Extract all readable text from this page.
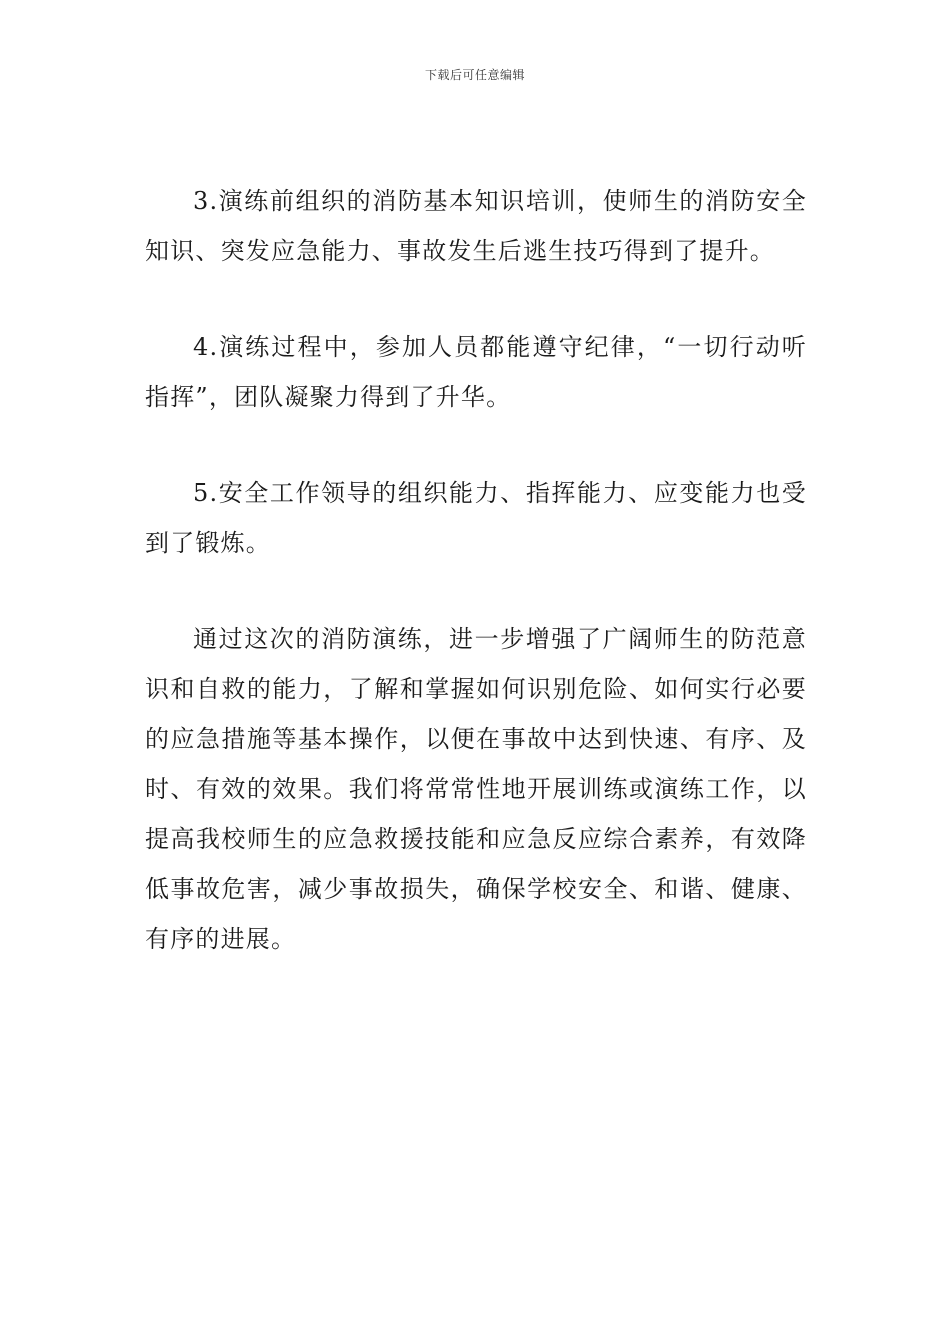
下载后可任意编辑

3.演练前组织的消防基本知识培训，使师生的消防安全知识、突发应急能力、事故发生后逃生技巧得到了提升。

4.演练过程中，参加人员都能遵守纪律，“一切行动听指挥”，团队凝聚力得到了升华。

5.安全工作领导的组织能力、指挥能力、应变能力也受到了锻炼。

通过这次的消防演练，进一步增强了广阔师生的防范意识和自救的能力，了解和掌握如何识别危险、如何实行必要的应急措施等基本操作，以便在事故中达到快速、有序、及时、有效的效果。我们将常常性地开展训练或演练工作，以提高我校师生的应急救援技能和应急反应综合素养，有效降低事故危害，减少事故损失，确保学校安全、和谐、健康、有序的进展。
